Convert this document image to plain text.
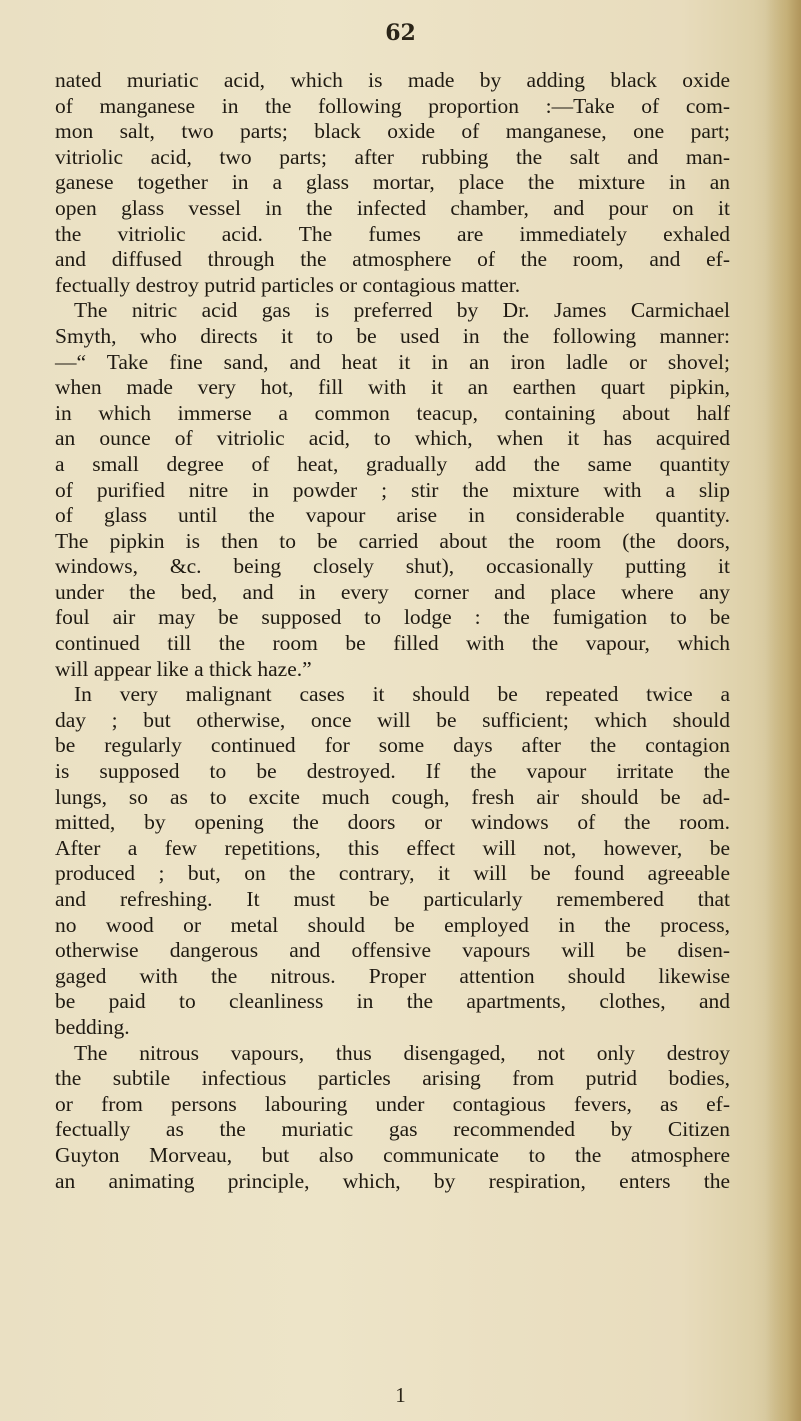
62
nated muriatic acid, which is made by adding black oxide
of manganese in the following proportion :—Take of com-
mon salt, two parts; black oxide of manganese, one part;
vitriolic acid, two parts; after rubbing the salt and man-
ganese together in a glass mortar, place the mixture in an
open glass vessel in the infected chamber, and pour on it
the vitriolic acid. The fumes are immediately exhaled
and diffused through the atmosphere of the room, and ef-
fectually destroy putrid particles or contagious matter.
The nitric acid gas is preferred by Dr. James Carmichael
Smyth, who directs it to be used in the following manner:
—“ Take fine sand, and heat it in an iron ladle or shovel;
when made very hot, fill with it an earthen quart pipkin,
in which immerse a common teacup, containing about half
an ounce of vitriolic acid, to which, when it has acquired
a small degree of heat, gradually add the same quantity
of purified nitre in powder ; stir the mixture with a slip
of glass until the vapour arise in considerable quantity.
The pipkin is then to be carried about the room (the doors,
windows, &c. being closely shut), occasionally putting it
under the bed, and in every corner and place where any
foul air may be supposed to lodge : the fumigation to be
continued till the room be filled with the vapour, which
will appear like a thick haze.”
In very malignant cases it should be repeated twice a
day ; but otherwise, once will be sufficient; which should
be regularly continued for some days after the contagion
is supposed to be destroyed. If the vapour irritate the
lungs, so as to excite much cough, fresh air should be ad-
mitted, by opening the doors or windows of the room.
After a few repetitions, this effect will not, however, be
produced ; but, on the contrary, it will be found agreeable
and refreshing. It must be particularly remembered that
no wood or metal should be employed in the process,
otherwise dangerous and offensive vapours will be disen-
gaged with the nitrous. Proper attention should likewise
be paid to cleanliness in the apartments, clothes, and
bedding.
The nitrous vapours, thus disengaged, not only destroy
the subtile infectious particles arising from putrid bodies,
or from persons labouring under contagious fevers, as ef-
fectually as the muriatic gas recommended by Citizen
Guyton Morveau, but also communicate to the atmosphere
an animating principle, which, by respiration, enters the
1
